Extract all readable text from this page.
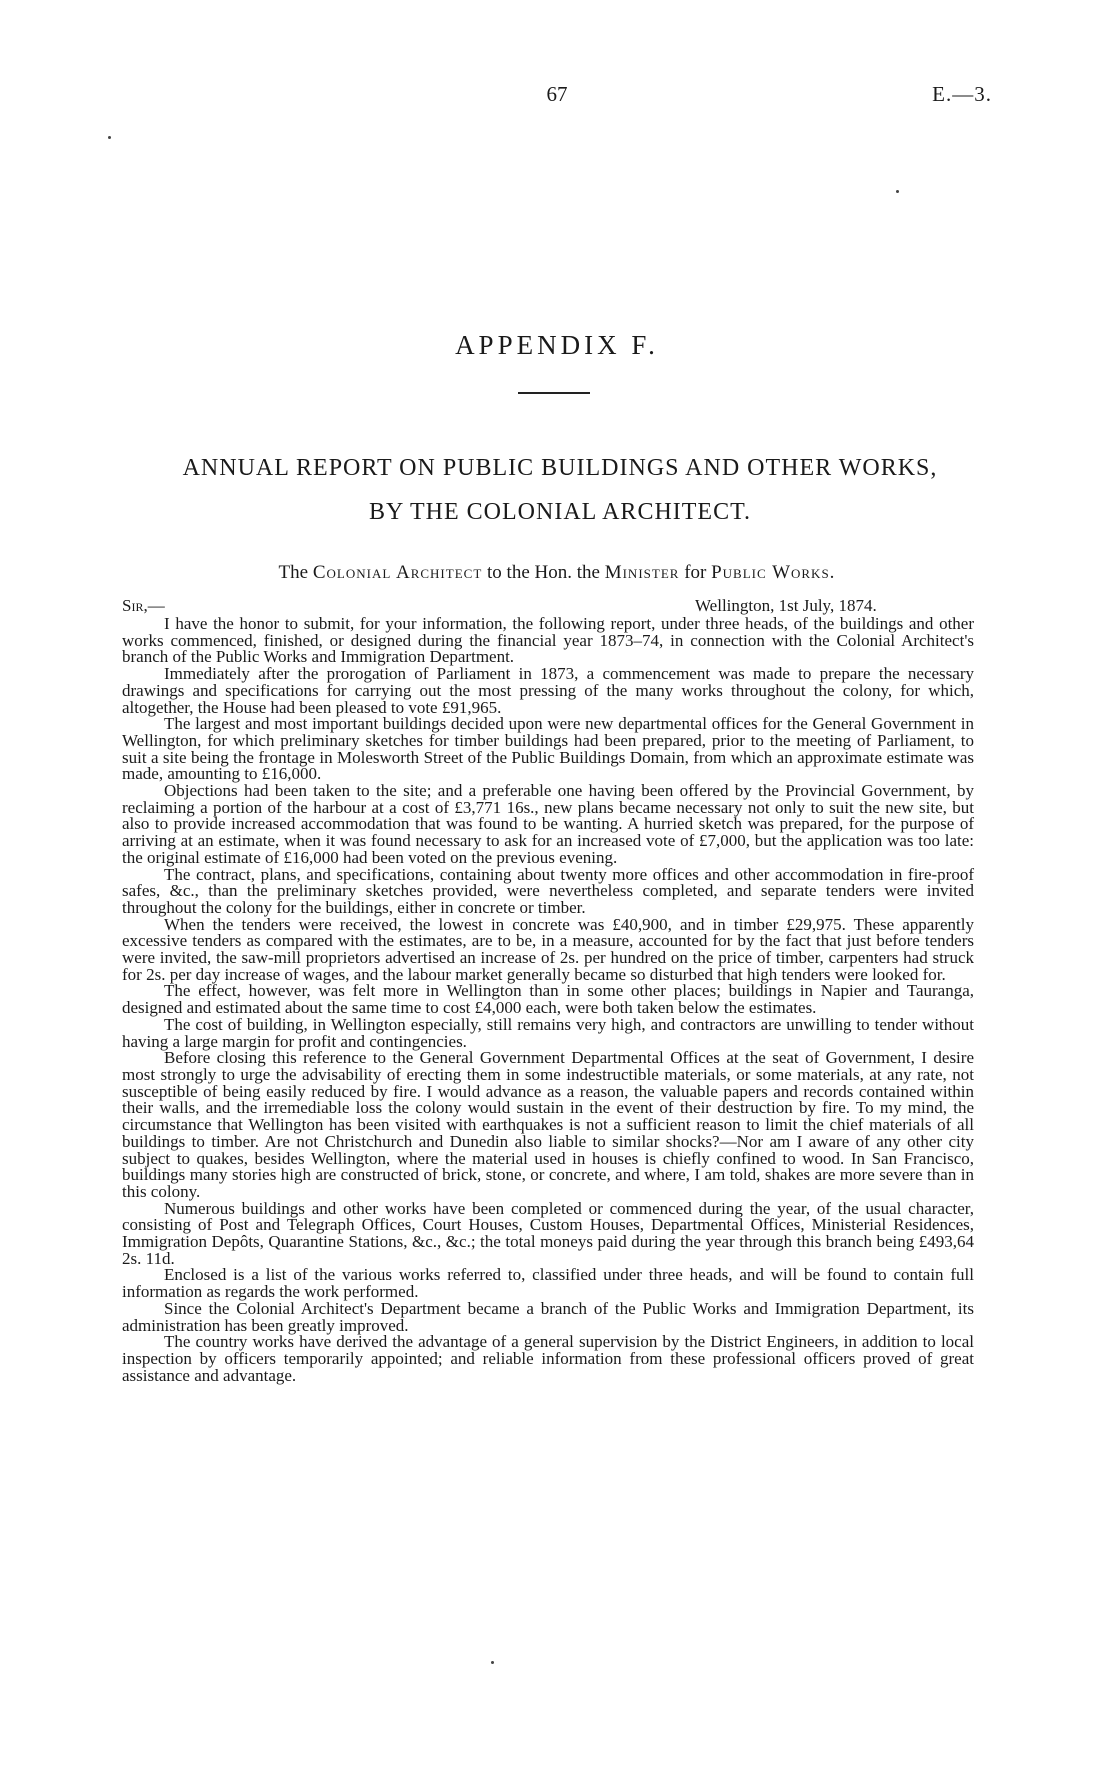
67	E.—3.
APPENDIX F.
ANNUAL REPORT ON PUBLIC BUILDINGS AND OTHER WORKS,
BY THE COLONIAL ARCHITECT.
The Colonial Architect to the Hon. the Minister for Public Works.
Sir,—	Wellington, 1st July, 1874.

I have the honor to submit, for your information, the following report, under three heads, of the buildings and other works commenced, finished, or designed during the financial year 1873–74, in connection with the Colonial Architect's branch of the Public Works and Immigration Department.

Immediately after the prorogation of Parliament in 1873, a commencement was made to prepare the necessary drawings and specifications for carrying out the most pressing of the many works throughout the colony, for which, altogether, the House had been pleased to vote £91,965.

The largest and most important buildings decided upon were new departmental offices for the General Government in Wellington, for which preliminary sketches for timber buildings had been prepared, prior to the meeting of Parliament, to suit a site being the frontage in Molesworth Street of the Public Buildings Domain, from which an approximate estimate was made, amounting to £16,000.

Objections had been taken to the site; and a preferable one having been offered by the Provincial Government, by reclaiming a portion of the harbour at a cost of £3,771 16s., new plans became necessary not only to suit the new site, but also to provide increased accommodation that was found to be wanting. A hurried sketch was prepared, for the purpose of arriving at an estimate, when it was found necessary to ask for an increased vote of £7,000, but the application was too late: the original estimate of £16,000 had been voted on the previous evening.

The contract, plans, and specifications, containing about twenty more offices and other accommodation in fire-proof safes, &c., than the preliminary sketches provided, were nevertheless completed, and separate tenders were invited throughout the colony for the buildings, either in concrete or timber.

When the tenders were received, the lowest in concrete was £40,900, and in timber £29,975. These apparently excessive tenders as compared with the estimates, are to be, in a measure, accounted for by the fact that just before tenders were invited, the saw-mill proprietors advertised an increase of 2s. per hundred on the price of timber, carpenters had struck for 2s. per day increase of wages, and the labour market generally became so disturbed that high tenders were looked for.

The effect, however, was felt more in Wellington than in some other places; buildings in Napier and Tauranga, designed and estimated about the same time to cost £4,000 each, were both taken below the estimates.

The cost of building, in Wellington especially, still remains very high, and contractors are unwilling to tender without having a large margin for profit and contingencies.

Before closing this reference to the General Government Departmental Offices at the seat of Government, I desire most strongly to urge the advisability of erecting them in some indestructible materials, or some materials, at any rate, not susceptible of being easily reduced by fire. I would advance as a reason, the valuable papers and records contained within their walls, and the irremediable loss the colony would sustain in the event of their destruction by fire. To my mind, the circumstance that Wellington has been visited with earthquakes is not a sufficient reason to limit the chief materials of all buildings to timber. Are not Christchurch and Dunedin also liable to similar shocks?—Nor am I aware of any other city subject to quakes, besides Wellington, where the material used in houses is chiefly confined to wood. In San Francisco, buildings many stories high are constructed of brick, stone, or concrete, and where, I am told, shakes are more severe than in this colony.

Numerous buildings and other works have been completed or commenced during the year, of the usual character, consisting of Post and Telegraph Offices, Court Houses, Custom Houses, Departmental Offices, Ministerial Residences, Immigration Depôts, Quarantine Stations, &c., &c.; the total moneys paid during the year through this branch being £493,64 2s. 11d.

Enclosed is a list of the various works referred to, classified under three heads, and will be found to contain full information as regards the work performed.

Since the Colonial Architect's Department became a branch of the Public Works and Immigration Department, its administration has been greatly improved.

The country works have derived the advantage of a general supervision by the District Engineers, in addition to local inspection by officers temporarily appointed; and reliable information from these professional officers proved of great assistance and advantage.
